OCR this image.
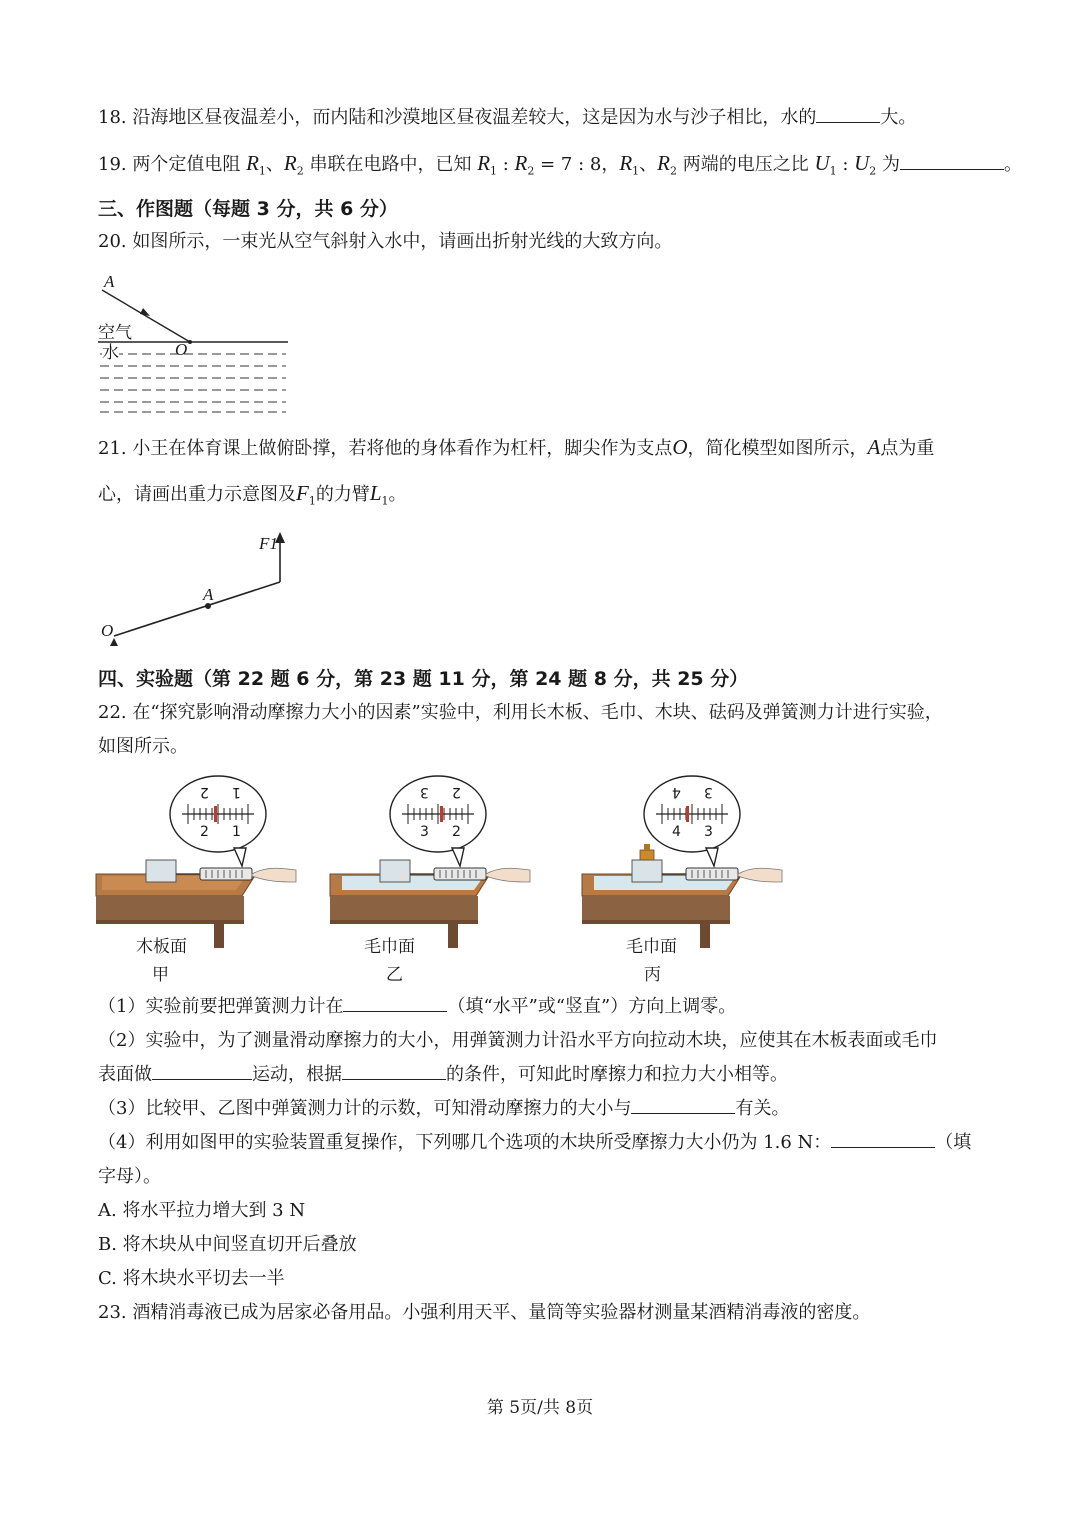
18. 沿海地区昼夜温差小，而内陆和沙漠地区昼夜温差较大，这是因为水与沙子相比，水的	大。
19. 两个定值电阻 $R_1$、$R_2$ 串联在电路中，已知 $R_1$ : $R_2 = 7$ : 8，$R_1$、$R_2$ 两端的电压之比 $U_1$ : $U_2$ 为	。
三、作图题（每题 3 分，共 6 分）
20. 如图所示，一束光从空气斜射入水中，请画出折射光线的大致方向。
A
空气
水	O
21. 小王在体育课上做俯卧撑，若将他的身体看作为杠杆，脚尖作为支点O，简化模型如图所示，A点为重
心，请画出重力示意图及$F_1$的力臂$L_1$。
F1
A
O
四、实验题（第 22 题 6 分，第 23 题 11 分，第 24 题 8 分，共 25 分）
22. 在“探究影响滑动摩擦力大小的因素”实验中，利用长木板、毛巾、木块、砝码及弹簧测力计进行实验，
如图所示。
2 1
2 1
木板面
甲
3 2
3 2
毛巾面
乙
4 3
4 3
毛巾面
丙
（1）实验前要把弹簧测力计在	（填“水平”或“竖直”）方向上调零。
（2）实验中，为了测量滑动摩擦力的大小，用弹簧测力计沿水平方向拉动木块，应使其在木板表面或毛巾
表面做	运动，根据	的条件，可知此时摩擦力和拉力大小相等。
（3）比较甲、乙图中弹簧测力计的示数，可知滑动摩擦力的大小与	有关。
（4）利用如图甲的实验装置重复操作，下列哪几个选项的木块所受摩擦力大小仍为 1.6 N：	（填
字母）。
A. 将水平拉力增大到 3 N
B. 将木块从中间竖直切开后叠放
C. 将木块水平切去一半
23. 酒精消毒液已成为居家必备用品。小强利用天平、量筒等实验器材测量某酒精消毒液的密度。
第 5页/共 8页
